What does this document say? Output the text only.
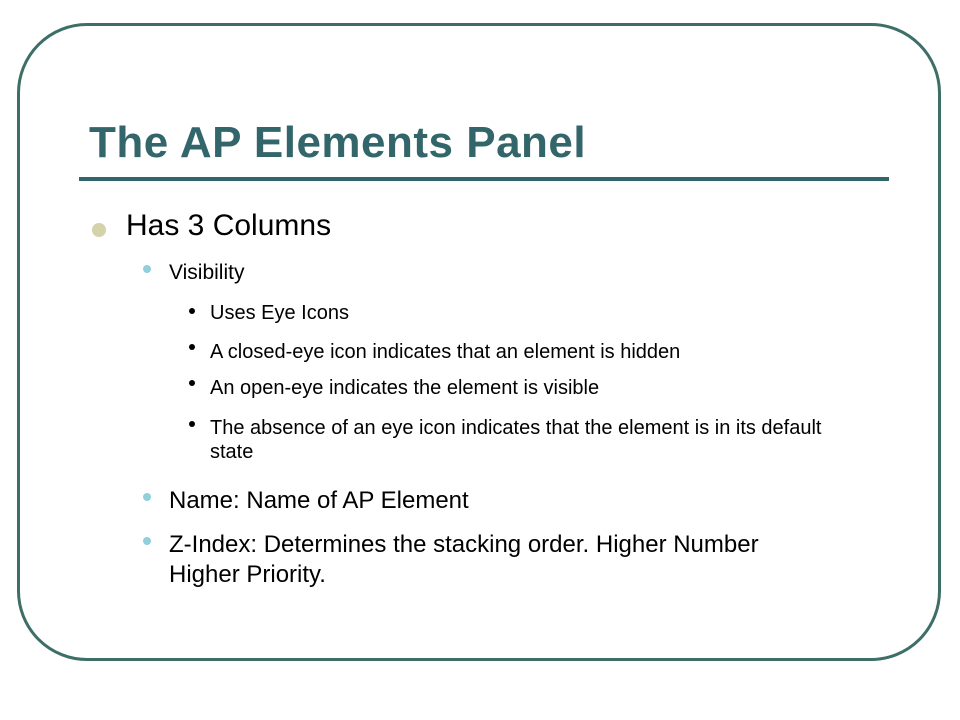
The AP Elements Panel
Has 3 Columns
Visibility
Uses Eye Icons
A closed-eye icon indicates that an element is hidden
An open-eye indicates the element is visible
The absence of an eye icon indicates that the element is in its default state
Name: Name of AP Element
Z-Index: Determines the stacking order. Higher Number Higher Priority.
